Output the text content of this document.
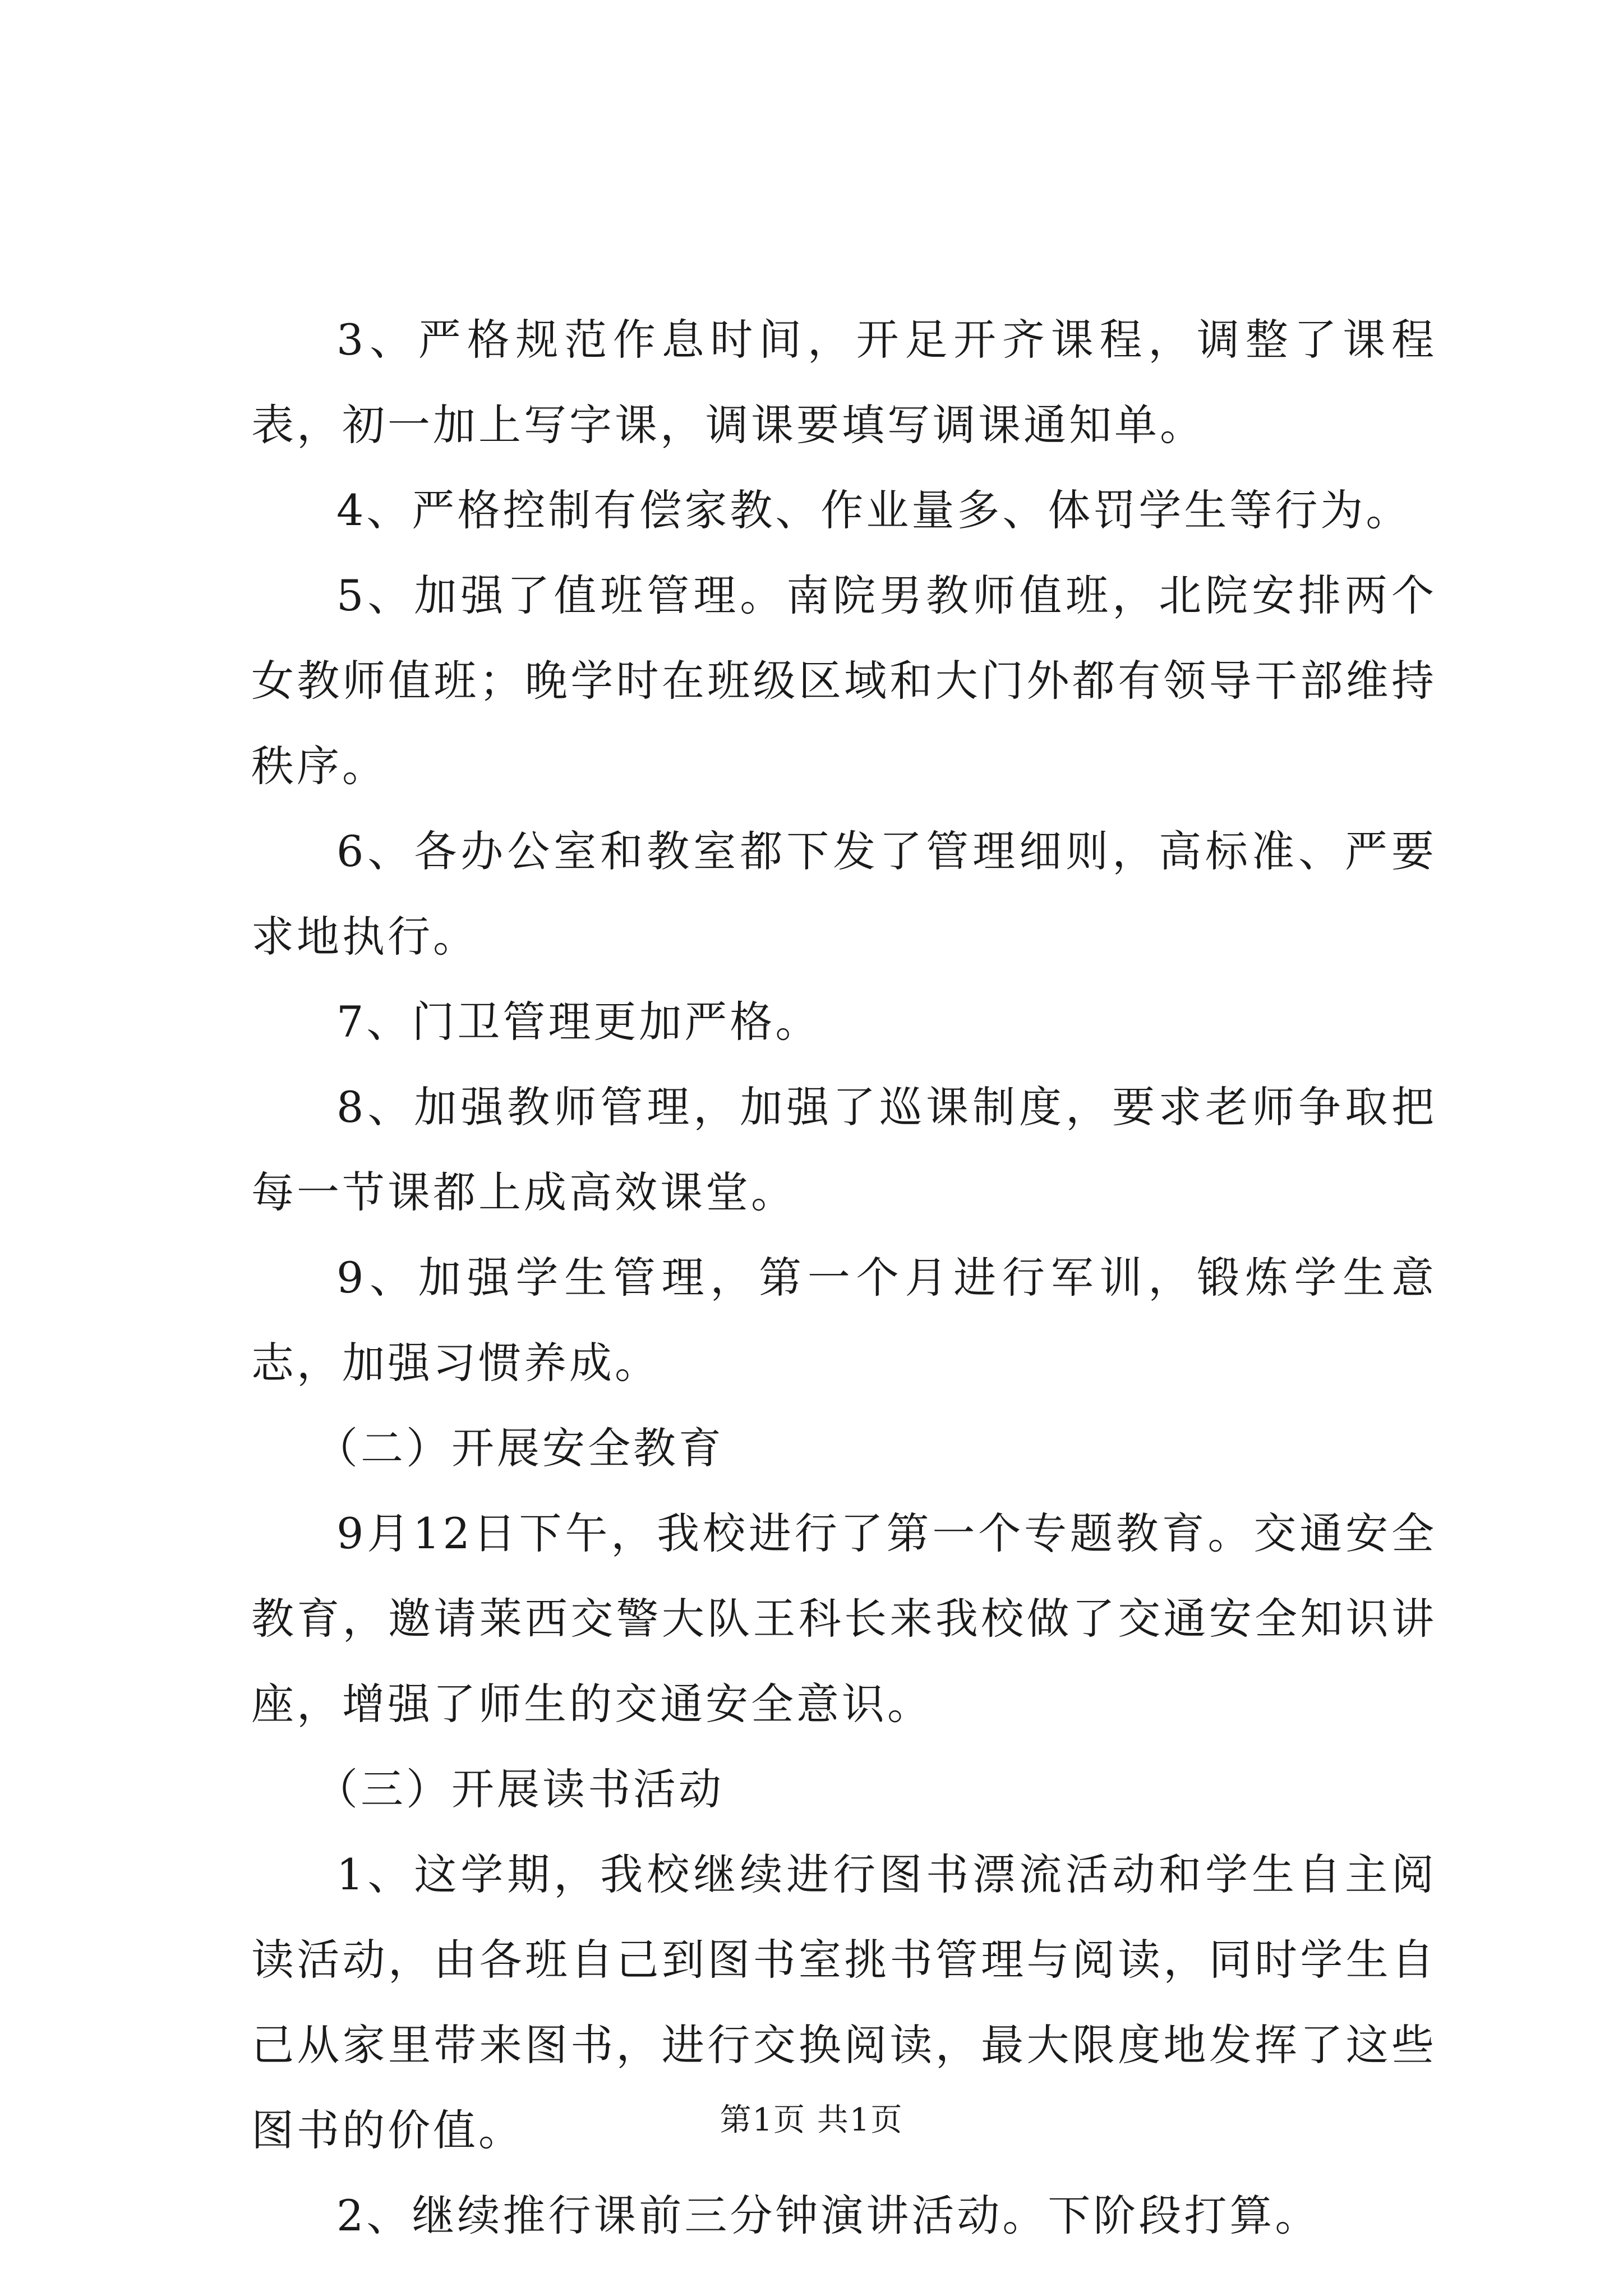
3、严格规范作息时间，开足开齐课程，调整了课程表，初一加上写字课，调课要填写调课通知单。

4、严格控制有偿家教、作业量多、体罚学生等行为。

5、加强了值班管理。南院男教师值班，北院安排两个女教师值班；晚学时在班级区域和大门外都有领导干部维持秩序。

6、各办公室和教室都下发了管理细则，高标准、严要求地执行。

7、门卫管理更加严格。

8、加强教师管理，加强了巡课制度，要求老师争取把每一节课都上成高效课堂。

9、加强学生管理，第一个月进行军训，锻炼学生意志，加强习惯养成。

（二）开展安全教育

9月12日下午，我校进行了第一个专题教育。交通安全教育，邀请莱西交警大队王科长来我校做了交通安全知识讲座，增强了师生的交通安全意识。

（三）开展读书活动

1、这学期，我校继续进行图书漂流活动和学生自主阅读活动，由各班自己到图书室挑书管理与阅读，同时学生自己从家里带来图书，进行交换阅读，最大限度地发挥了这些图书的价值。

2、继续推行课前三分钟演讲活动。下阶段打算。

第1页 共1页
